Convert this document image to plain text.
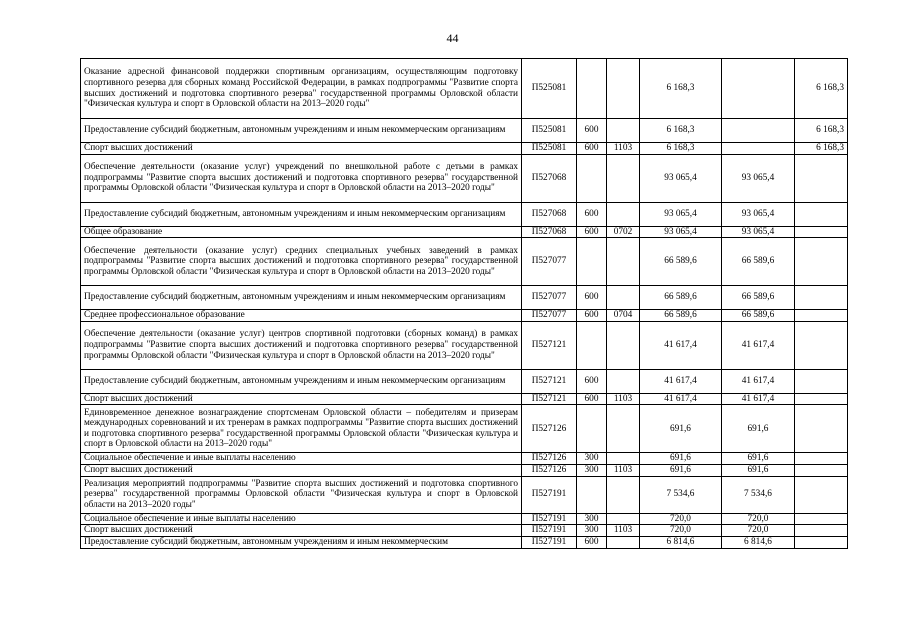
44
Оказание адресной финансовой поддержки спортивным организациям, осуществляющим подготовку спортивного резерва для сборных команд Российской Федерации, в рамках подпрограммы "Развитие спорта высших достижений и подготовка спортивного резерва" государственной программы Орловской области "Физическая культура и спорт в Орловской области на 2013–2020 годы"	П525081			6 168,3		6 168,3
Предоставление субсидий бюджетным, автономным учреждениям и иным некоммерческим организациям	П525081	600		6 168,3		6 168,3
Спорт высших достижений	П525081	600	1103	6 168,3		6 168,3
Обеспечение деятельности (оказание услуг) учреждений по внешкольной работе с детьми в рамках подпрограммы "Развитие спорта высших достижений и подготовка спортивного резерва" государственной программы Орловской области "Физическая культура и спорт в Орловской области на 2013–2020 годы"	П527068			93 065,4	93 065,4	
Предоставление субсидий бюджетным, автономным учреждениям и иным некоммерческим организациям	П527068	600		93 065,4	93 065,4	
Общее образование	П527068	600	0702	93 065,4	93 065,4	
Обеспечение деятельности (оказание услуг) средних специальных учебных заведений в рамках подпрограммы "Развитие спорта высших достижений и подготовка спортивного резерва" государственной программы Орловской области "Физическая культура и спорт в Орловской области на 2013–2020 годы"	П527077			66 589,6	66 589,6	
Предоставление субсидий бюджетным, автономным учреждениям и иным некоммерческим организациям	П527077	600		66 589,6	66 589,6	
Среднее профессиональное образование	П527077	600	0704	66 589,6	66 589,6	
Обеспечение деятельности (оказание услуг) центров спортивной подготовки (сборных команд) в рамках подпрограммы "Развитие спорта высших достижений и подготовка спортивного резерва" государственной программы Орловской области "Физическая культура и спорт в Орловской области на 2013–2020 годы"	П527121			41 617,4	41 617,4	
Предоставление субсидий бюджетным, автономным учреждениям и иным некоммерческим организациям	П527121	600		41 617,4	41 617,4	
Спорт высших достижений	П527121	600	1103	41 617,4	41 617,4	
Единовременное денежное вознаграждение спортсменам Орловской области – победителям и призерам международных соревнований и их тренерам в рамках подпрограммы "Развитие спорта высших достижений и подготовка спортивного резерва" государственной программы Орловской области "Физическая культура и спорт в Орловской области на 2013–2020 годы"	П527126			691,6	691,6	
Социальное обеспечение и иные выплаты населению	П527126	300		691,6	691,6	
Спорт высших достижений	П527126	300	1103	691,6	691,6	
Реализация мероприятий подпрограммы "Развитие спорта высших достижений и подготовка спортивного резерва" государственной программы Орловской области "Физическая культура и спорт в Орловской области на 2013–2020 годы"	П527191			7 534,6	7 534,6	
Социальное обеспечение и иные выплаты населению	П527191	300		720,0	720,0	
Спорт высших достижений	П527191	300	1103	720,0	720,0	
Предоставление субсидий бюджетным, автономным учреждениям и иным некоммерческим	П527191	600		6 814,6	6 814,6	
